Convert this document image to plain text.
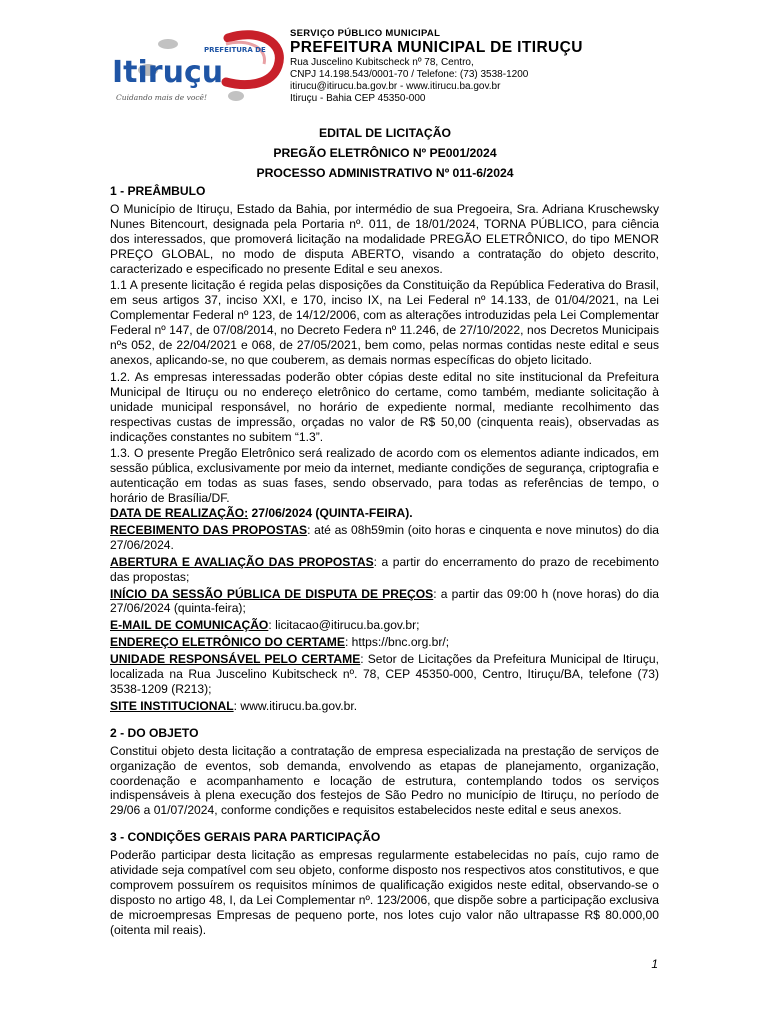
PREFEITURA DE
Itiruçu
Cuidando mais de você!
SERVIÇO PÚBLICO MUNICIPAL
PREFEITURA MUNICIPAL DE ITIRUÇU
Rua Juscelino Kubitscheck nº 78, Centro,
CNPJ 14.198.543/0001-70 / Telefone: (73) 3538-1200
itirucu@itirucu.ba.gov.br - www.itirucu.ba.gov.br
Itiruçu - Bahia CEP 45350-000
EDITAL DE LICITAÇÃO
PREGÃO ELETRÔNICO Nº PE001/2024
PROCESSO ADMINISTRATIVO Nº 011-6/2024

1 - PREÂMBULO

O Município de Itiruçu, Estado da Bahia, por intermédio de sua Pregoeira, Sra. Adriana Kruschewsky Nunes Bitencourt, designada pela Portaria nº. 011, de 18/01/2024, TORNA PÚBLICO, para ciência dos interessados, que promoverá licitação na modalidade PREGÃO ELETRÔNICO, do tipo MENOR PREÇO GLOBAL, no modo de disputa ABERTO, visando a contratação do objeto descrito, caracterizado e especificado no presente Edital e seu anexos.

1.1 A presente licitação é regida pelas disposições da Constituição da República Federativa do Brasil, em seus artigos 37, inciso XXI, e 170, inciso IX, na Lei Federal nº 14.133, de 01/04/2021, na Lei Complementar Federal nº 123, de 14/12/2006, com as alterações introduzidas pela Lei Complementar Federal nº 147, de 07/08/2014, no Decreto Federa nº 11.246, de 27/10/2022, nos Decretos Municipais nºs 052, de 22/04/2021 e 068, de 27/05/2021, bem como, pelas normas contidas neste edital e seus anexos, aplicando-se, no que couberem, as demais normas específicas do objeto licitado.

1.2. As empresas interessadas poderão obter cópias deste edital no site institucional da Prefeitura Municipal de Itiruçu ou no endereço eletrônico do certame, como também, mediante solicitação à unidade municipal responsável, no horário de expediente normal, mediante recolhimento das respectivas custas de impressão, orçadas no valor de R$ 50,00 (cinquenta reais), observadas as indicações constantes no subitem “1.3”.

1.3. O presente Pregão Eletrônico será realizado de acordo com os elementos adiante indicados, em sessão pública, exclusivamente por meio da internet, mediante condições de segurança, criptografia e autenticação em todas as suas fases, sendo observado, para todas as referências de tempo, o horário de Brasília/DF.

DATA DE REALIZAÇÃO: 27/06/2024 (QUINTA-FEIRA).

RECEBIMENTO DAS PROPOSTAS: até as 08h59min (oito horas e cinquenta e nove minutos) do dia 27/06/2024.

ABERTURA E AVALIAÇÃO DAS PROPOSTAS: a partir do encerramento do prazo de recebimento das propostas;

INÍCIO DA SESSÃO PÚBLICA DE DISPUTA DE PREÇOS: a partir das 09:00 h (nove horas) do dia 27/06/2024 (quinta-feira);

E-MAIL DE COMUNICAÇÃO: licitacao@itirucu.ba.gov.br;

ENDEREÇO ELETRÔNICO DO CERTAME: https://bnc.org.br/;

UNIDADE RESPONSÁVEL PELO CERTAME: Setor de Licitações da Prefeitura Municipal de Itiruçu, localizada na Rua Juscelino Kubitscheck nº. 78, CEP 45350-000, Centro, Itiruçu/BA, telefone (73) 3538-1209 (R213);

SITE INSTITUCIONAL: www.itirucu.ba.gov.br.

2 - DO OBJETO

Constitui objeto desta licitação a contratação de empresa especializada na prestação de serviços de organização de eventos, sob demanda, envolvendo as etapas de planejamento, organização, coordenação e acompanhamento e locação de estrutura, contemplando todos os serviços indispensáveis à plena execução dos festejos de São Pedro no município de Itiruçu, no período de 29/06 a 01/07/2024, conforme condições e requisitos estabelecidos neste edital e seus anexos.

3 - CONDIÇÕES GERAIS PARA PARTICIPAÇÃO

Poderão participar desta licitação as empresas regularmente estabelecidas no país, cujo ramo de atividade seja compatível com seu objeto, conforme disposto nos respectivos atos constitutivos, e que comprovem possuírem os requisitos mínimos de qualificação exigidos neste edital, observando-se o disposto no artigo 48, I, da Lei Complementar nº. 123/2006, que dispõe sobre a participação exclusiva de microempresas Empresas de pequeno porte, nos lotes cujo valor não ultrapasse R$ 80.000,00 (oitenta mil reais).

1
